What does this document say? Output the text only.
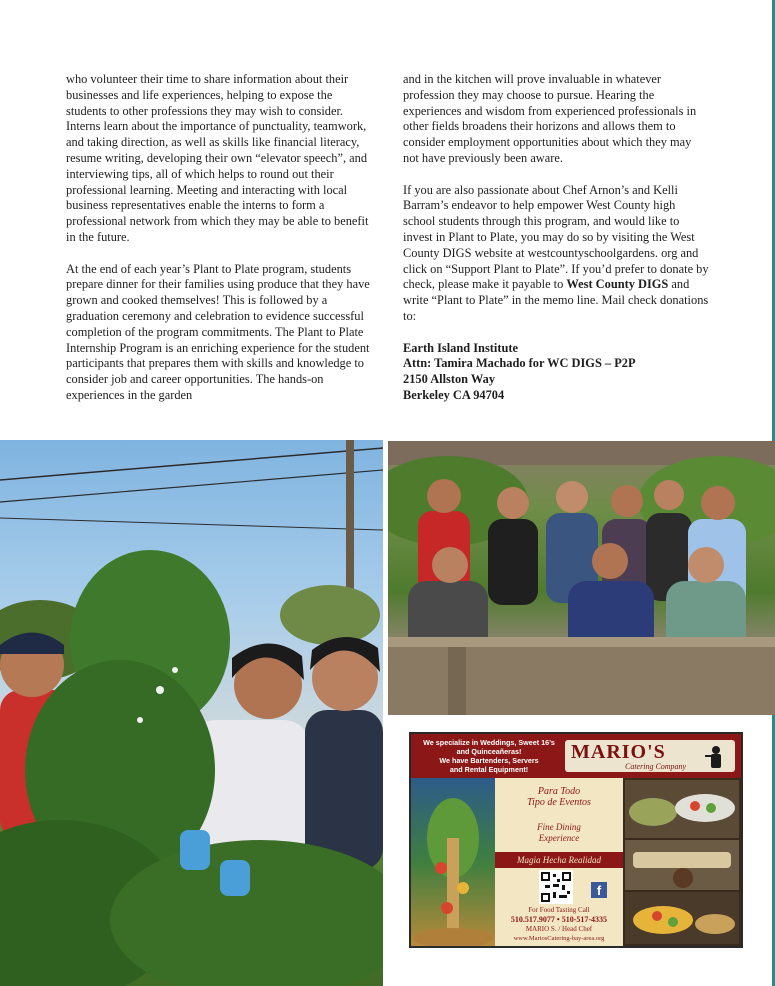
who volunteer their time to share information about their businesses and life experiences, helping to expose the students to other professions they may wish to consider. Interns learn about the importance of punctuality, teamwork, and taking direction, as well as skills like financial literacy, resume writing, developing their own “elevator speech”, and interviewing tips, all of which helps to round out their professional learning. Meeting and interacting with local business representatives enable the interns to form a professional network from which they may be able to benefit in the future.

At the end of each year’s Plant to Plate program, students prepare dinner for their families using produce that they have grown and cooked themselves! This is followed by a graduation ceremony and celebration to evidence successful completion of the program commitments. The Plant to Plate Internship Program is an enriching experience for the student participants that prepares them with skills and knowledge to consider job and career opportunities. The hands-on experiences in the garden

and in the kitchen will prove invaluable in whatever profession they may choose to pursue. Hearing the experiences and wisdom from experienced professionals in other fields broadens their horizons and allows them to consider employment opportunities about which they may not have previously been aware.

If you are also passionate about Chef Arnon’s and Kelli Barram’s endeavor to help empower West County high school students through this program, and would like to invest in Plant to Plate, you may do so by visiting the West County DIGS website at westcountyschoolgardens. org and click on “Support Plant to Plate”. If you’d prefer to donate by check, please make it payable to West County DIGS and write “Plant to Plate” in the memo line. Mail check donations to:

Earth Island Institute
Attn: Tamira Machado for WC DIGS – P2P
2150 Allston Way
Berkeley CA 94704
We specialize in Weddings, Sweet 16’s
and Quinceañeras!
We have Bartenders, Servers
and Rental Equipment!
MARIO'S
Catering Company
Para Todo
Tipo de Eventos
Fine Dining
Experience
Magia Hecha Realidad
f
For Food Tasting Call
510.517.9077 • 510-517-4335
MARIO S. / Head Chef
www.MariosCatering-bay-area.org
